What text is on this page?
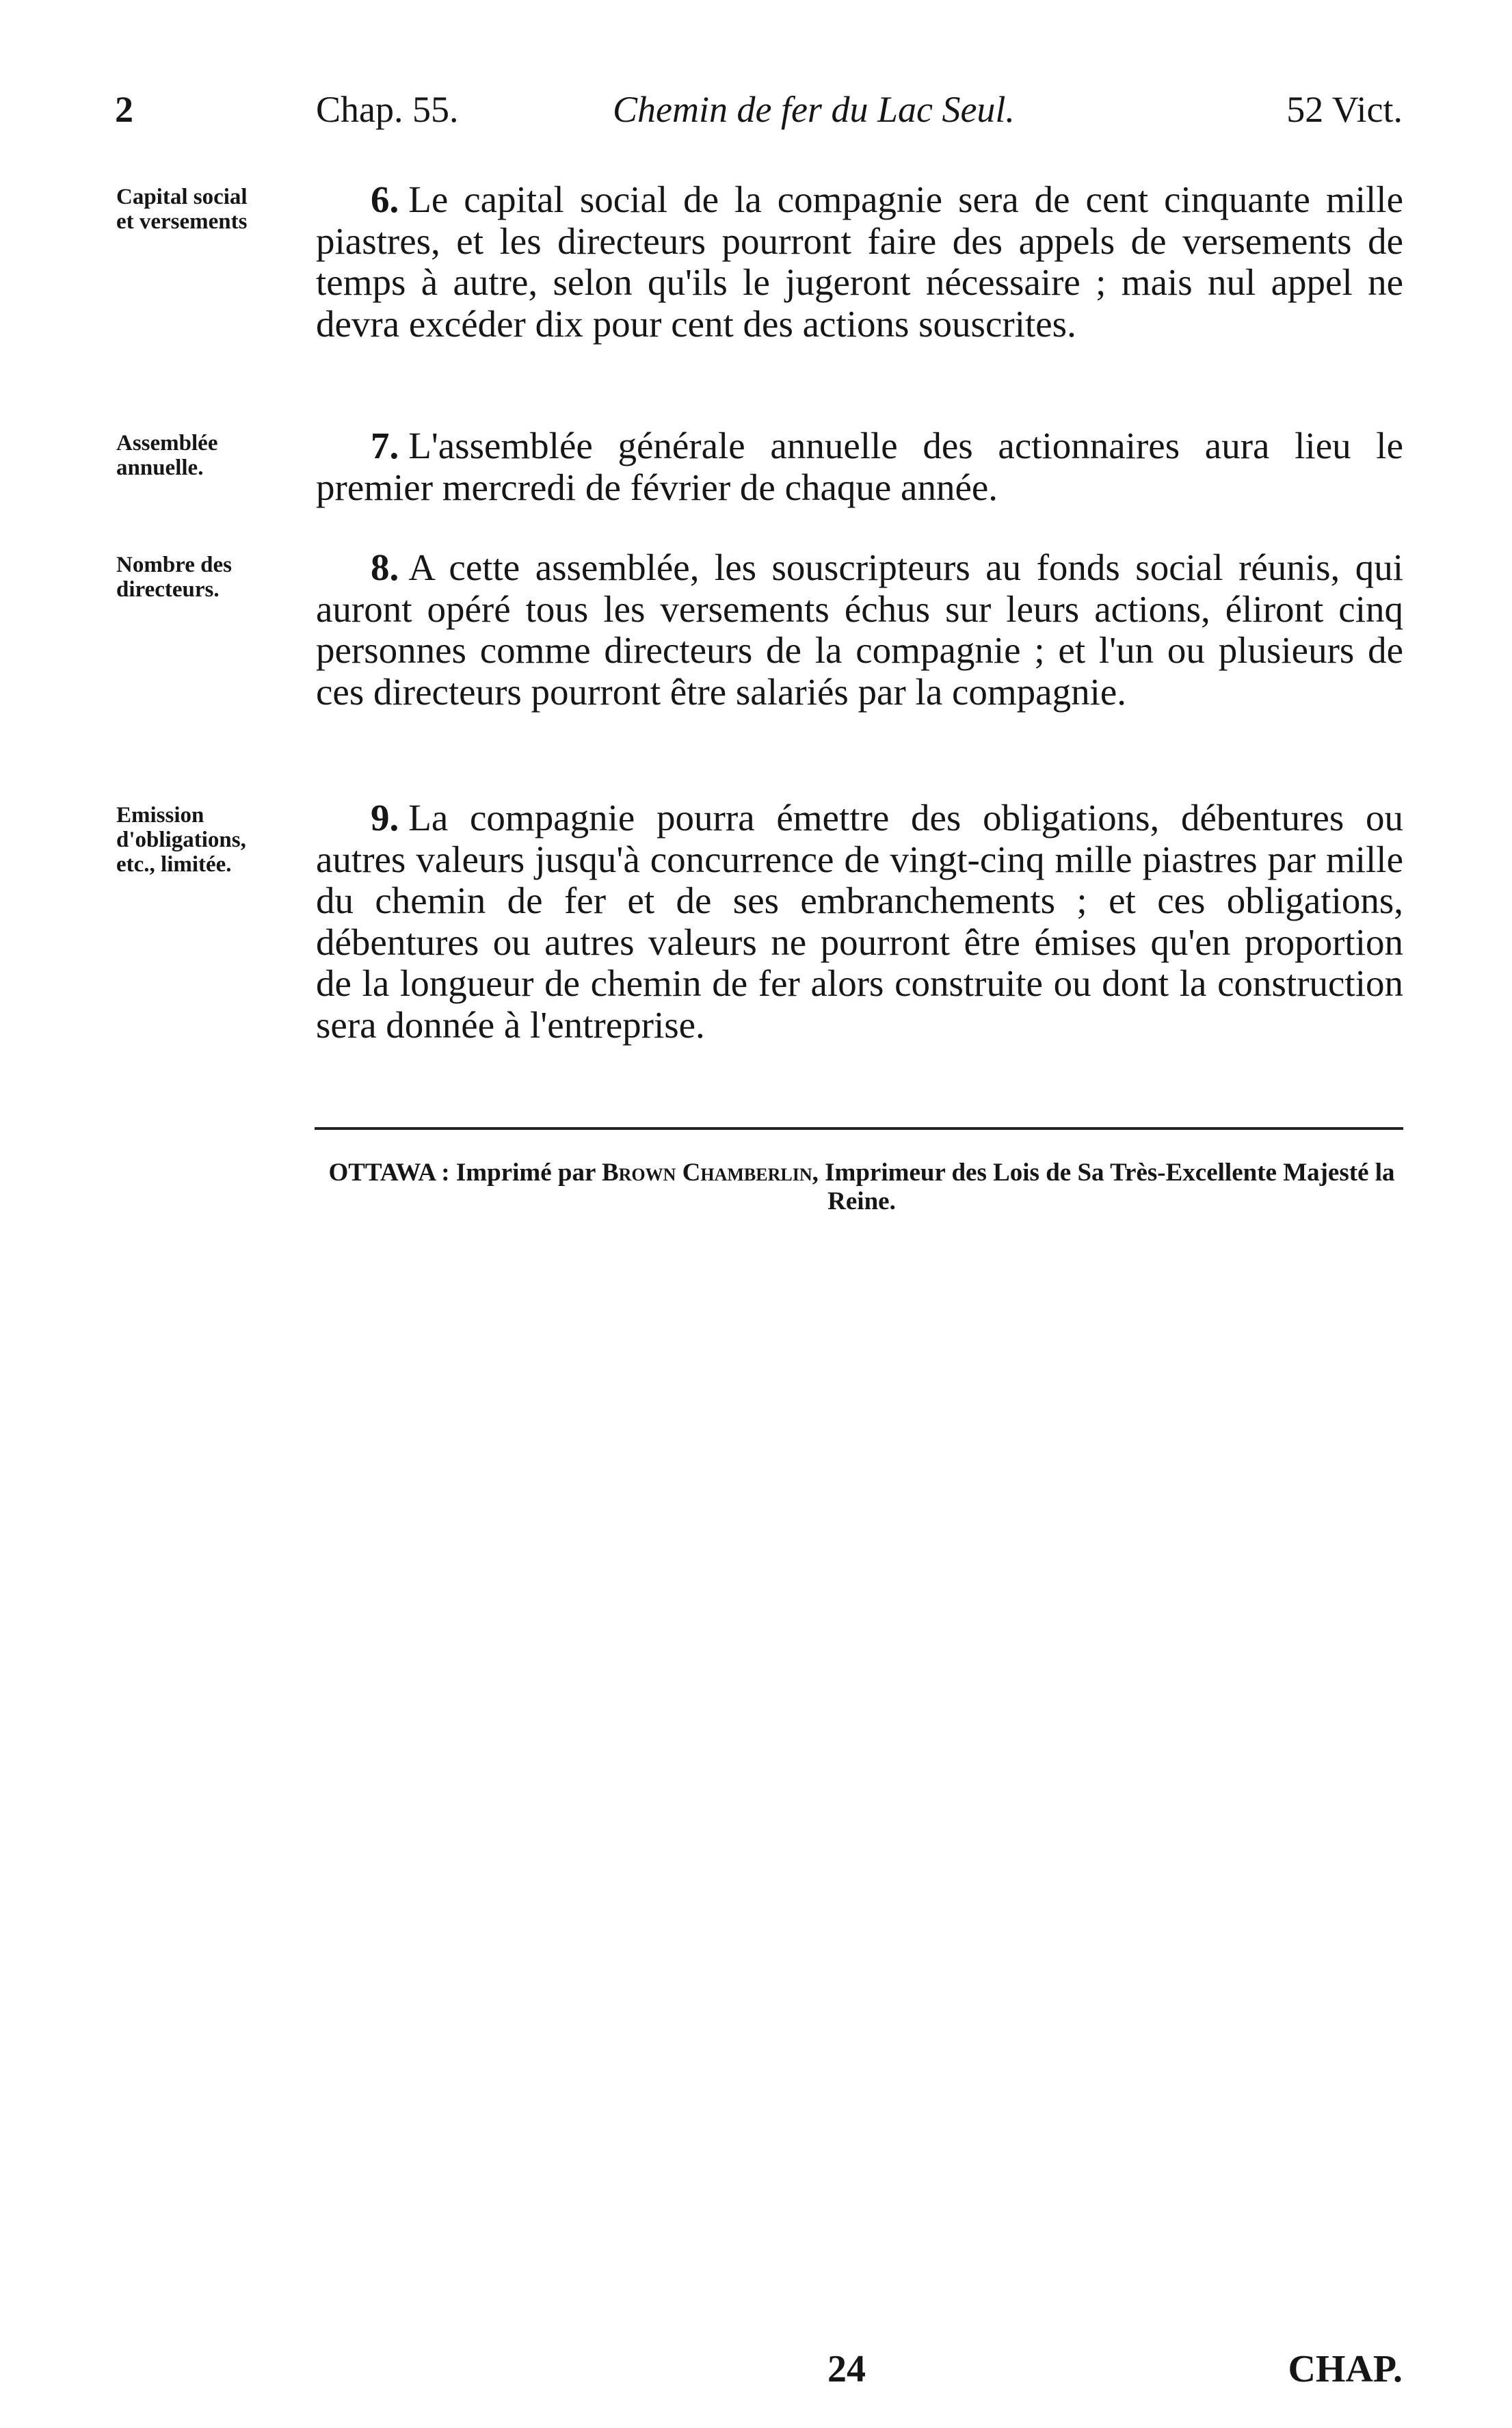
2	Chap. 55.	Chemin de fer du Lac Seul.	52 Vict.
Capital social
et versements

6. Le capital social de la compagnie sera de cent cinquante mille piastres, et les directeurs pourront faire des appels de versements de temps à autre, selon qu'ils le jugeront nécessaire ; mais nul appel ne devra excéder dix pour cent des actions souscrites.

Assemblée
annuelle.

7. L'assemblée générale annuelle des actionnaires aura lieu le premier mercredi de février de chaque année.

Nombre des
directeurs.

8. A cette assemblée, les souscripteurs au fonds social réunis, qui auront opéré tous les versements échus sur leurs actions, éliront cinq personnes comme directeurs de la compagnie ; et l'un ou plusieurs de ces directeurs pourront être salariés par la compagnie.

Emission
d'obligations,
etc., limitée.

9. La compagnie pourra émettre des obligations, débentures ou autres valeurs jusqu'à concurrence de vingt-cinq mille piastres par mille du chemin de fer et de ses embranchements ; et ces obligations, débentures ou autres valeurs ne pourront être émises qu'en proportion de la longueur de chemin de fer alors construite ou dont la construction sera donnée à l'entreprise.

OTTAWA : Imprimé par Brown Chamberlin, Imprimeur des Lois de Sa Très-Excellente Majesté la Reine.
24	CHAP.
